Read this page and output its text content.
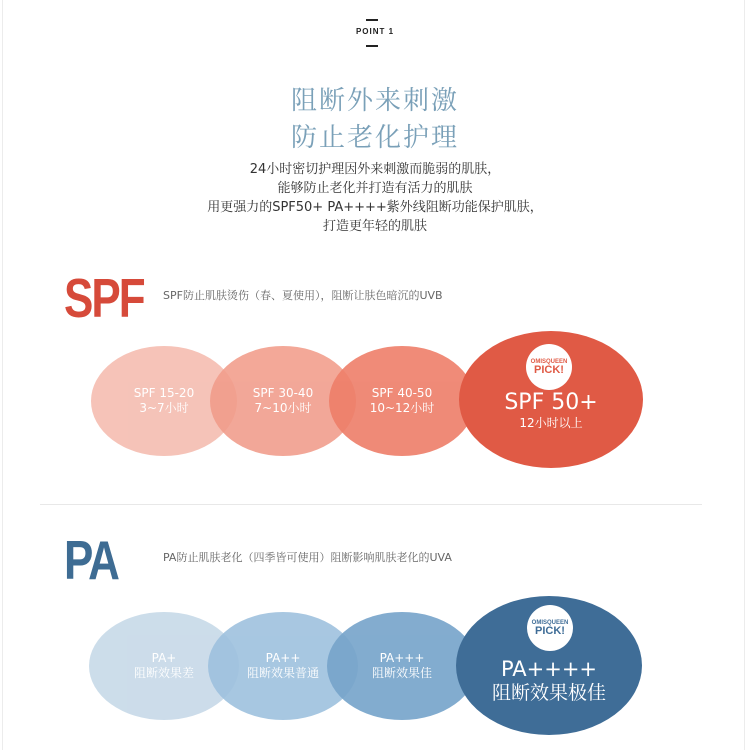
POINT 1
阻断外来刺激
防止老化护理
24小时密切护理因外来刺激而脆弱的肌肤，
能够防止老化并打造有活力的肌肤
用更强力的SPF50+ PA++++紫外线阻断功能保护肌肤，
打造更年轻的肌肤
SPF SPF防止肌肤烫伤（春、夏使用），阻断让肤色暗沉的UVB
SPF 15-20
3~7小时
SPF 30-40
7~10小时
SPF 40-50
10~12小时	SPF 50+
12小时以上
OMISQUEEN
PICK!
PA	PA防止肌肤老化（四季皆可使用）阻断影响肌肤老化的UVA
PA+
阻断效果差
PA++
阻断效果普通
PA+++
阻断效果佳	PA++++
阻断效果极佳
OMISQUEEN
PICK!
